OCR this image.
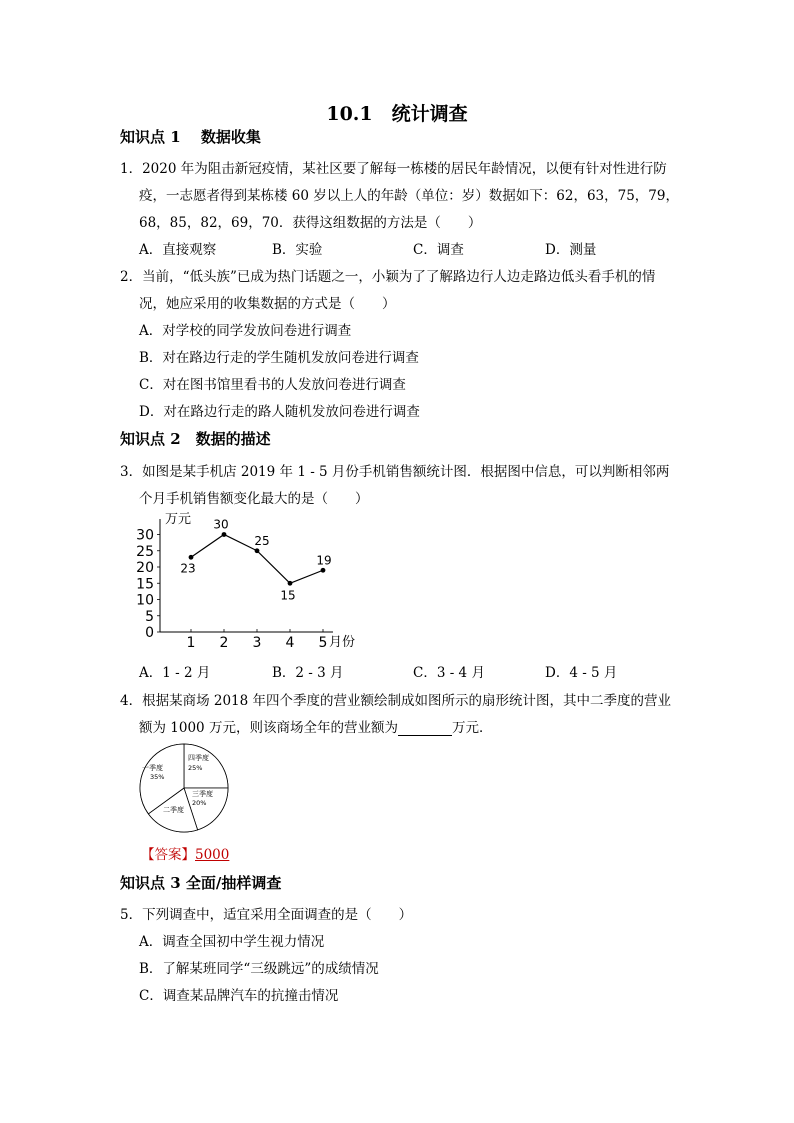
10.1　统计调查
知识点 1　 数据收集
1．2020 年为阻击新冠疫情，某社区要了解每一栋楼的居民年龄情况，以便有针对性进行防
疫，一志愿者得到某栋楼 60 岁以上人的年龄（单位：岁）数据如下：62，63，75，79，
68，85，82，69，70．获得这组数据的方法是（　　）
A．直接观察	B．实验	C．调查	D．测量
2．当前，“低头族”已成为热门话题之一，小颖为了了解路边行人边走路边低头看手机的情
况，她应采用的收集数据的方式是（　　）
A．对学校的同学发放问卷进行调查
B．对在路边行走的学生随机发放问卷进行调查
C．对在图书馆里看书的人发放问卷进行调查
D．对在路边行走的路人随机发放问卷进行调查
知识点 2　数据的描述
3．如图是某手机店 2019 年 1 - 5 月份手机销售额统计图．根据图中信息，可以判断相邻两
个月手机销售额变化最大的是（　　）
万元
月份
0
5
10
15
20
25
30
1 2 3 4 5
23
30
25
15
19
A．1 - 2 月	B．2 - 3 月	C．3 - 4 月	D．4 - 5 月
4．根据某商场 2018 年四个季度的营业额绘制成如图所示的扇形统计图，其中二季度的营业
额为 1000 万元，则该商场全年的营业额为	万元．
一季度
35%
四季度
25%
三季度
20%
二季度
【答案】5000
知识点 3 全面/抽样调查
5．下列调查中，适宜采用全面调查的是（　　）
A．调查全国初中学生视力情况
B．了解某班同学“三级跳远”的成绩情况
C．调查某品牌汽车的抗撞击情况
